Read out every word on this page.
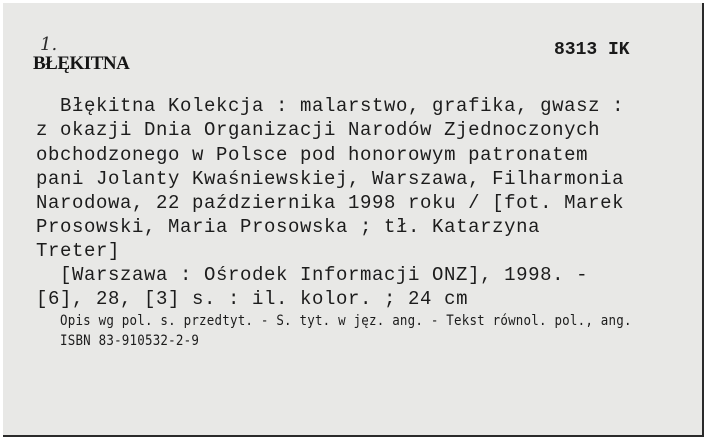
1.	8313 IK
BŁĘKITNA
Błękitna Kolekcja : malarstwo, grafika, gwasz :
z okazji Dnia Organizacji Narodów Zjednoczonych
obchodzonego w Polsce pod honorowym patronatem
pani Jolanty Kwaśniewskiej, Warszawa, Filharmonia
Narodowa, 22 października 1998 roku / [fot. Marek
Prosowski, Maria Prosowska ; tł. Katarzyna
Treter]
[Warszawa : Ośrodek Informacji ONZ], 1998. -
[6], 28, [3] s. : il. kolor. ; 24 cm
Opis wg pol. s. przedtyt. - S. tyt. w jęz. ang. - Tekst równol. pol., ang.
ISBN 83-910532-2-9
